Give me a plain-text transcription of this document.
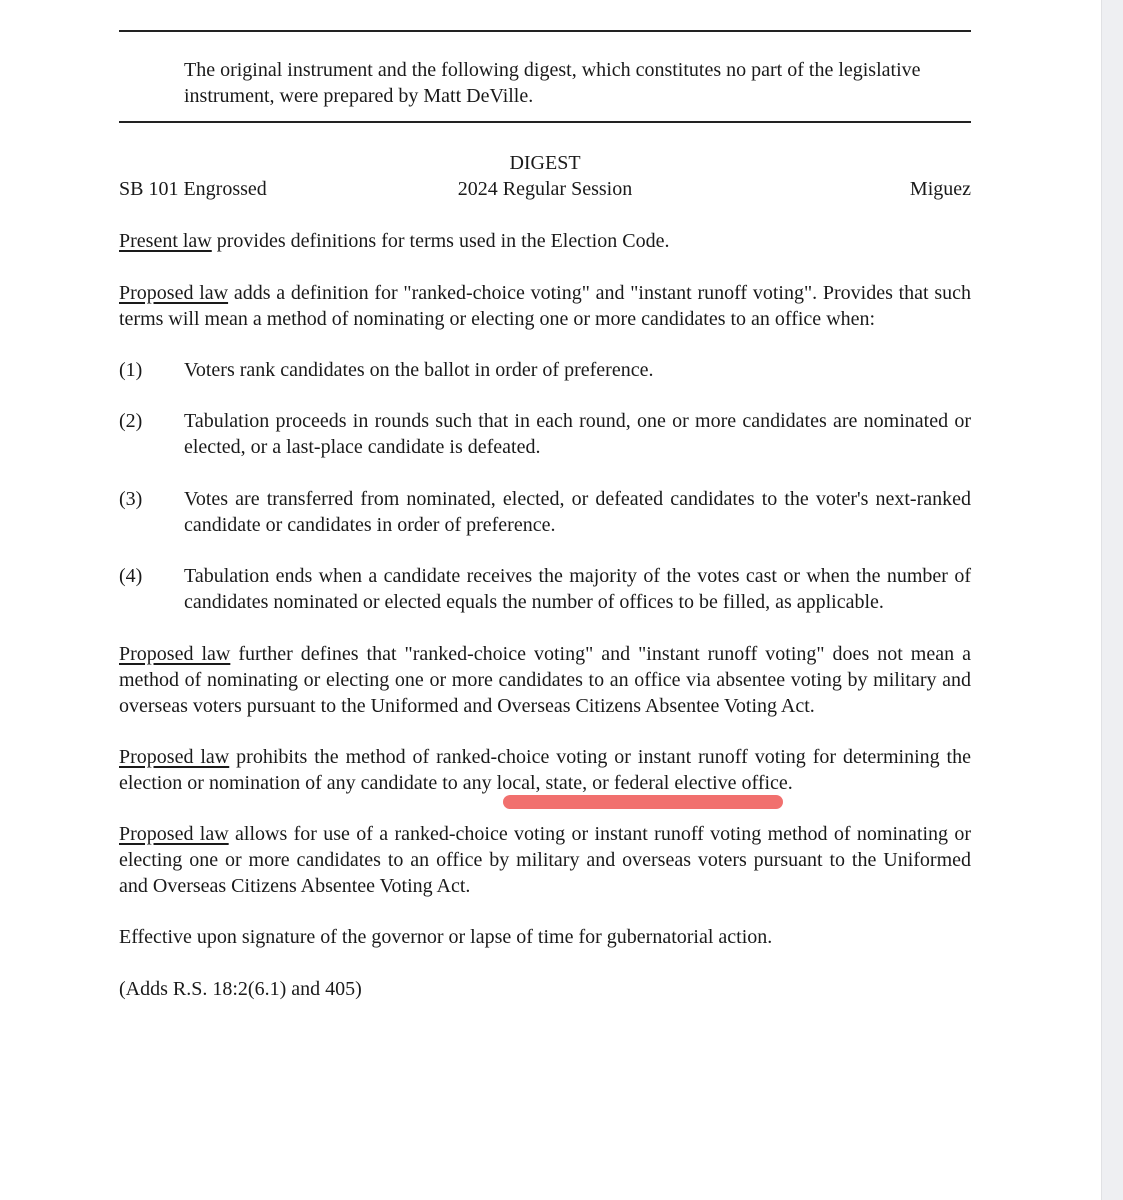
The original instrument and the following digest, which constitutes no part of the legislative instrument, were prepared by Matt DeVille.
DIGEST
2024 Regular Session
SB 101 Engrossed	Miguez
Present law provides definitions for terms used in the Election Code.
Proposed law adds a definition for "ranked-choice voting" and "instant runoff voting". Provides that such terms will mean a method of nominating or electing one or more candidates to an office when:
(1) Voters rank candidates on the ballot in order of preference.
(2) Tabulation proceeds in rounds such that in each round, one or more candidates are nominated or elected, or a last-place candidate is defeated.
(3) Votes are transferred from nominated, elected, or defeated candidates to the voter's next-ranked candidate or candidates in order of preference.
(4) Tabulation ends when a candidate receives the majority of the votes cast or when the number of candidates nominated or elected equals the number of offices to be filled, as applicable.
Proposed law further defines that "ranked-choice voting" and "instant runoff voting" does not mean a method of nominating or electing one or more candidates to an office via absentee voting by military and overseas voters pursuant to the Uniformed and Overseas Citizens Absentee Voting Act.
Proposed law prohibits the method of ranked-choice voting or instant runoff voting for determining the election or nomination of any candidate to any local, state, or federal elective office.
Proposed law allows for use of a ranked-choice voting or instant runoff voting method of nominating or electing one or more candidates to an office by military and overseas voters pursuant to the Uniformed and Overseas Citizens Absentee Voting Act.
Effective upon signature of the governor or lapse of time for gubernatorial action.
(Adds R.S. 18:2(6.1) and 405)
